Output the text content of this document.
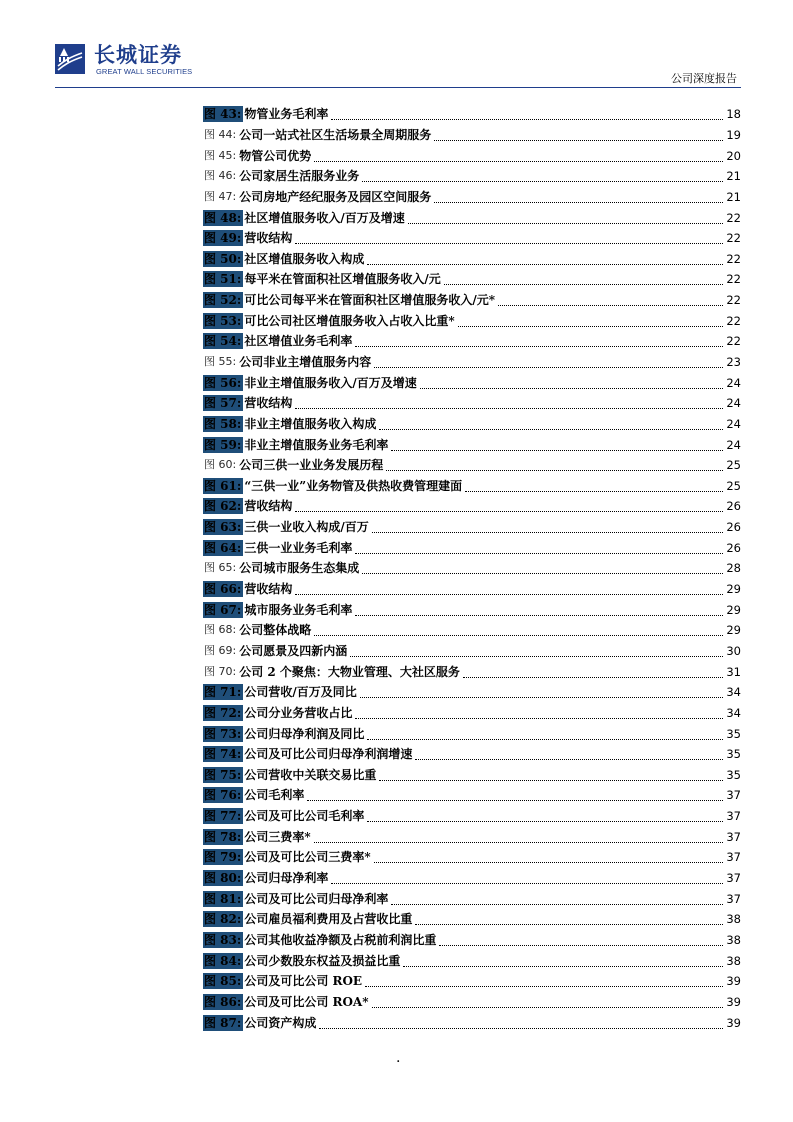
长城证券
GREAT WALL SECURITIES
公司深度报告
图 43: 物管业务毛利率	18
图 44: 公司一站式社区生活场景全周期服务	19
图 45: 物管公司优势	20
图 46: 公司家居生活服务业务	21
图 47: 公司房地产经纪服务及园区空间服务	21
图 48: 社区增值服务收入/百万及增速	22
图 49: 营收结构	22
图 50: 社区增值服务收入构成	22
图 51: 每平米在管面积社区增值服务收入/元	22
图 52: 可比公司每平米在管面积社区增值服务收入/元*	22
图 53: 可比公司社区增值服务收入占收入比重*	22
图 54: 社区增值业务毛利率	22
图 55: 公司非业主增值服务内容	23
图 56: 非业主增值服务收入/百万及增速	24
图 57: 营收结构	24
图 58: 非业主增值服务收入构成	24
图 59: 非业主增值服务业务毛利率	24
图 60: 公司三供一业业务发展历程	25
图 61: “三供一业”业务物管及供热收费管理建面	25
图 62: 营收结构	26
图 63: 三供一业收入构成/百万	26
图 64: 三供一业业务毛利率	26
图 65: 公司城市服务生态集成	28
图 66: 营收结构	29
图 67: 城市服务业务毛利率	29
图 68: 公司整体战略	29
图 69: 公司愿景及四新内涵	30
图 70: 公司 2 个聚焦：大物业管理、大社区服务	31
图 71: 公司营收/百万及同比	34
图 72: 公司分业务营收占比	34
图 73: 公司归母净利润及同比	35
图 74: 公司及可比公司归母净利润增速	35
图 75: 公司营收中关联交易比重	35
图 76: 公司毛利率	37
图 77: 公司及可比公司毛利率	37
图 78: 公司三费率*	37
图 79: 公司及可比公司三费率*	37
图 80: 公司归母净利率	37
图 81: 公司及可比公司归母净利率	37
图 82: 公司雇员福利费用及占营收比重	38
图 83: 公司其他收益净额及占税前利润比重	38
图 84: 公司少数股东权益及损益比重	38
图 85: 公司及可比公司 ROE	39
图 86: 公司及可比公司 ROA*	39
图 87: 公司资产构成	39
.
